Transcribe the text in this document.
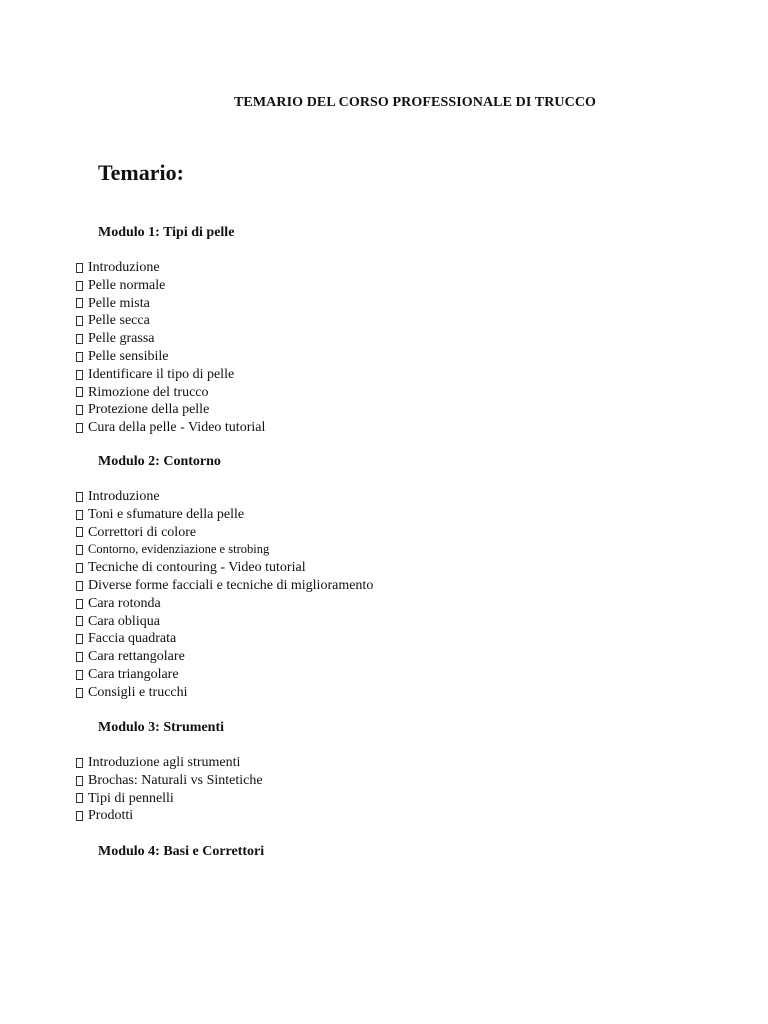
TEMARIO DEL CORSO PROFESSIONALE DI TRUCCO
Temario:
Modulo 1: Tipi di pelle
Introduzione
Pelle normale
Pelle mista
Pelle secca
Pelle grassa
Pelle sensibile
Identificare il tipo di pelle
Rimozione del trucco
Protezione della pelle
Cura della pelle - Video tutorial
Modulo 2: Contorno
Introduzione
Toni e sfumature della pelle
Correttori di colore
Contorno, evidenziazione e strobing
Tecniche di contouring - Video tutorial
Diverse forme facciali e tecniche di miglioramento
Cara rotonda
Cara obliqua
Faccia quadrata
Cara rettangolare
Cara triangolare
Consigli e trucchi
Modulo 3: Strumenti
Introduzione agli strumenti
Brochas: Naturali vs Sintetiche
Tipi di pennelli
Prodotti
Modulo 4: Basi e Correttori
